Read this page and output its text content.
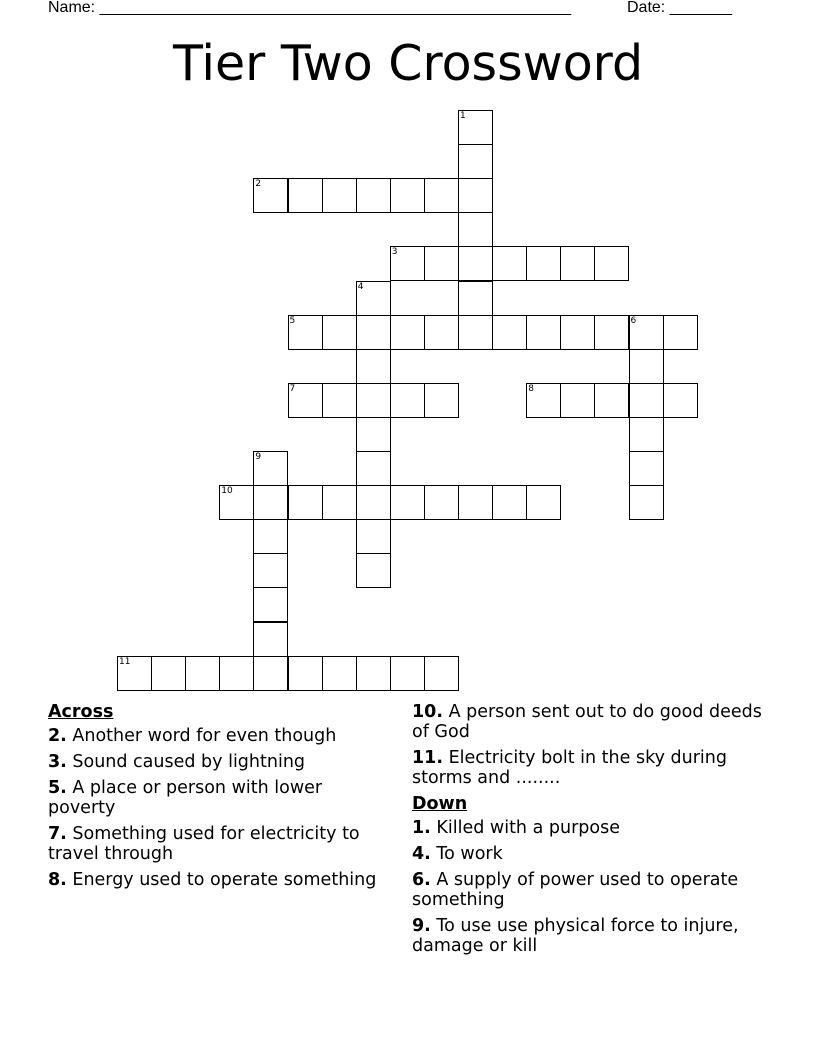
Name: _____________________________________________________	Date: _______
Tier Two Crossword
1
2
3
4
5	6
7	8
9
10
11
Across
2. Another word for even though
3. Sound caused by lightning
5. A place or person with lower poverty
7. Something used for electricity to travel through
8. Energy used to operate something
10. A person sent out to do good deeds of God
11. Electricity bolt in the sky during storms and ........
Down
1. Killed with a purpose
4. To work
6. A supply of power used to operate something
9. To use use physical force to injure, damage or kill
